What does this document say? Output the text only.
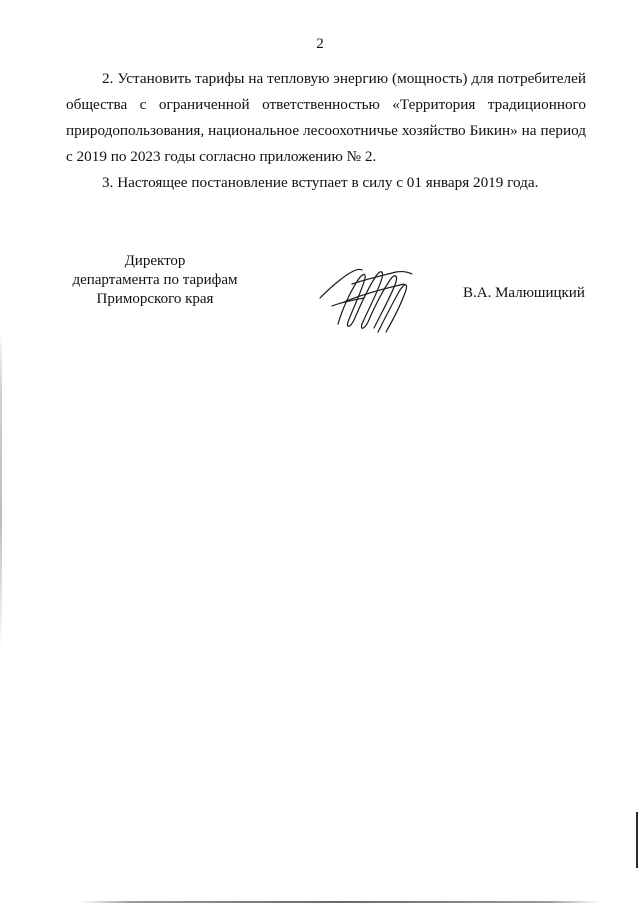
2

2. Установить тарифы на тепловую энергию (мощность) для потребителей общества с ограниченной ответственностью «Территория традиционного природопользования, национальное лесоохотничье хозяйство Бикин» на период с 2019 по 2023 годы согласно приложению № 2.

3. Настоящее постановление вступает в силу с 01 января 2019 года.

Директор
департамента по тарифам
Приморского края	В.А. Малюшицкий
